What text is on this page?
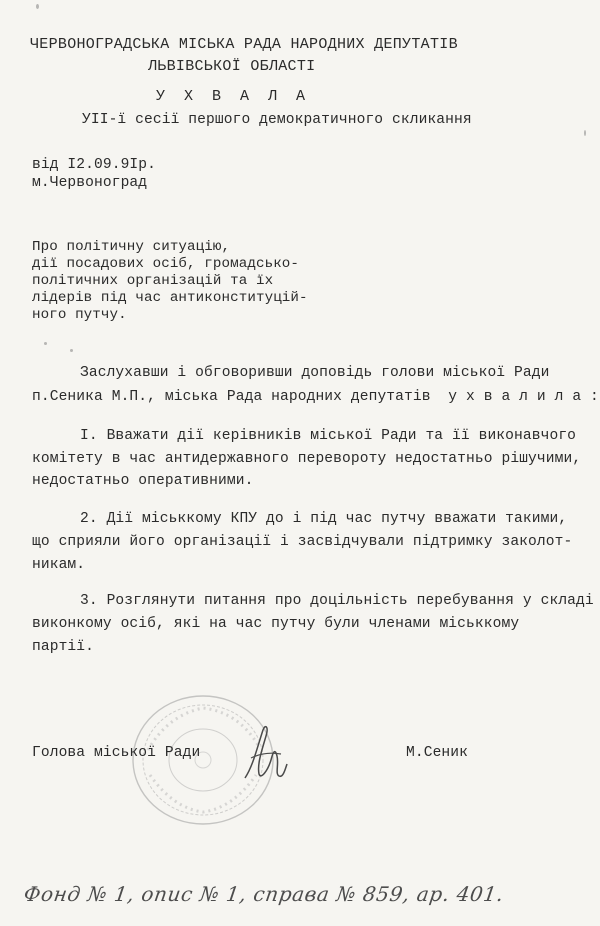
ЧЕРВОНОГРАДСЬКА МІСЬКА РАДА НАРОДНИХ ДЕПУТАТІВ
ЛЬВІВСЬКОЇ ОБЛАСТІ
У Х В А Л А
УІІ-ї сесії першого демократичного скликання
від І2.09.9Ір.
м.Червоноград
Про політичну ситуацію,
дії посадових осіб, громадсько-
політичних організацій та їх
лідерів під час антиконституцій-
ного путчу.
Заслухавши і обговоривши доповідь голови міської Ради
п.Сеника М.П., міська Рада народних депутатів  у х в а л и л а :
І. Вважати дії керівників міської Ради та її виконавчого
комітету в час антидержавного перевороту недостатньо рішучими,
недостатньо оперативними.
2. Дії міськкому КПУ до і під час путчу вважати такими,
що сприяли його організації і засвідчували підтримку заколот-
никам.
3. Розглянути питання про доцільність перебування у складі
виконкому осіб, які на час путчу були членами міськкому
партії.
Голова міської Ради	М.Сеник
Фонд № 1, опис № 1, справа № 859, ар. 401.
